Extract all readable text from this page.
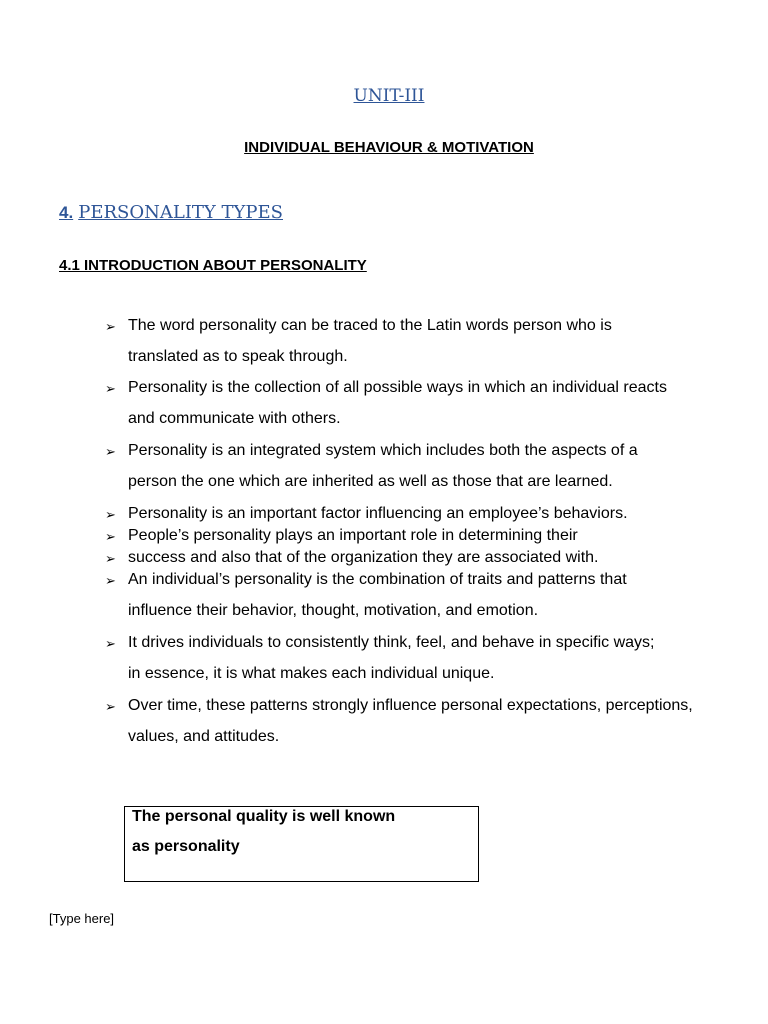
UNIT-III
INDIVIDUAL BEHAVIOUR & MOTIVATION
4. PERSONALITY TYPES
4.1 INTRODUCTION ABOUT PERSONALITY
➢ The word personality can be traced to the Latin words person who is
translated as to speak through.
➢ Personality is the collection of all possible ways in which an individual reacts
and communicate with others.
➢ Personality is an integrated system which includes both the aspects of a
person the one which are inherited as well as those that are learned.
➢ Personality is an important factor influencing an employee’s behaviors.
➢ People’s personality plays an important role in determining their
➢ success and also that of the organization they are associated with.
➢ An individual’s personality is the combination of traits and patterns that
influence their behavior, thought, motivation, and emotion.
➢ It drives individuals to consistently think, feel, and behave in specific ways;
in essence, it is what makes each individual unique.
➢ Over time, these patterns strongly influence personal expectations, perceptions,
values, and attitudes.
The personal quality is well known
as personality
[Type here]
